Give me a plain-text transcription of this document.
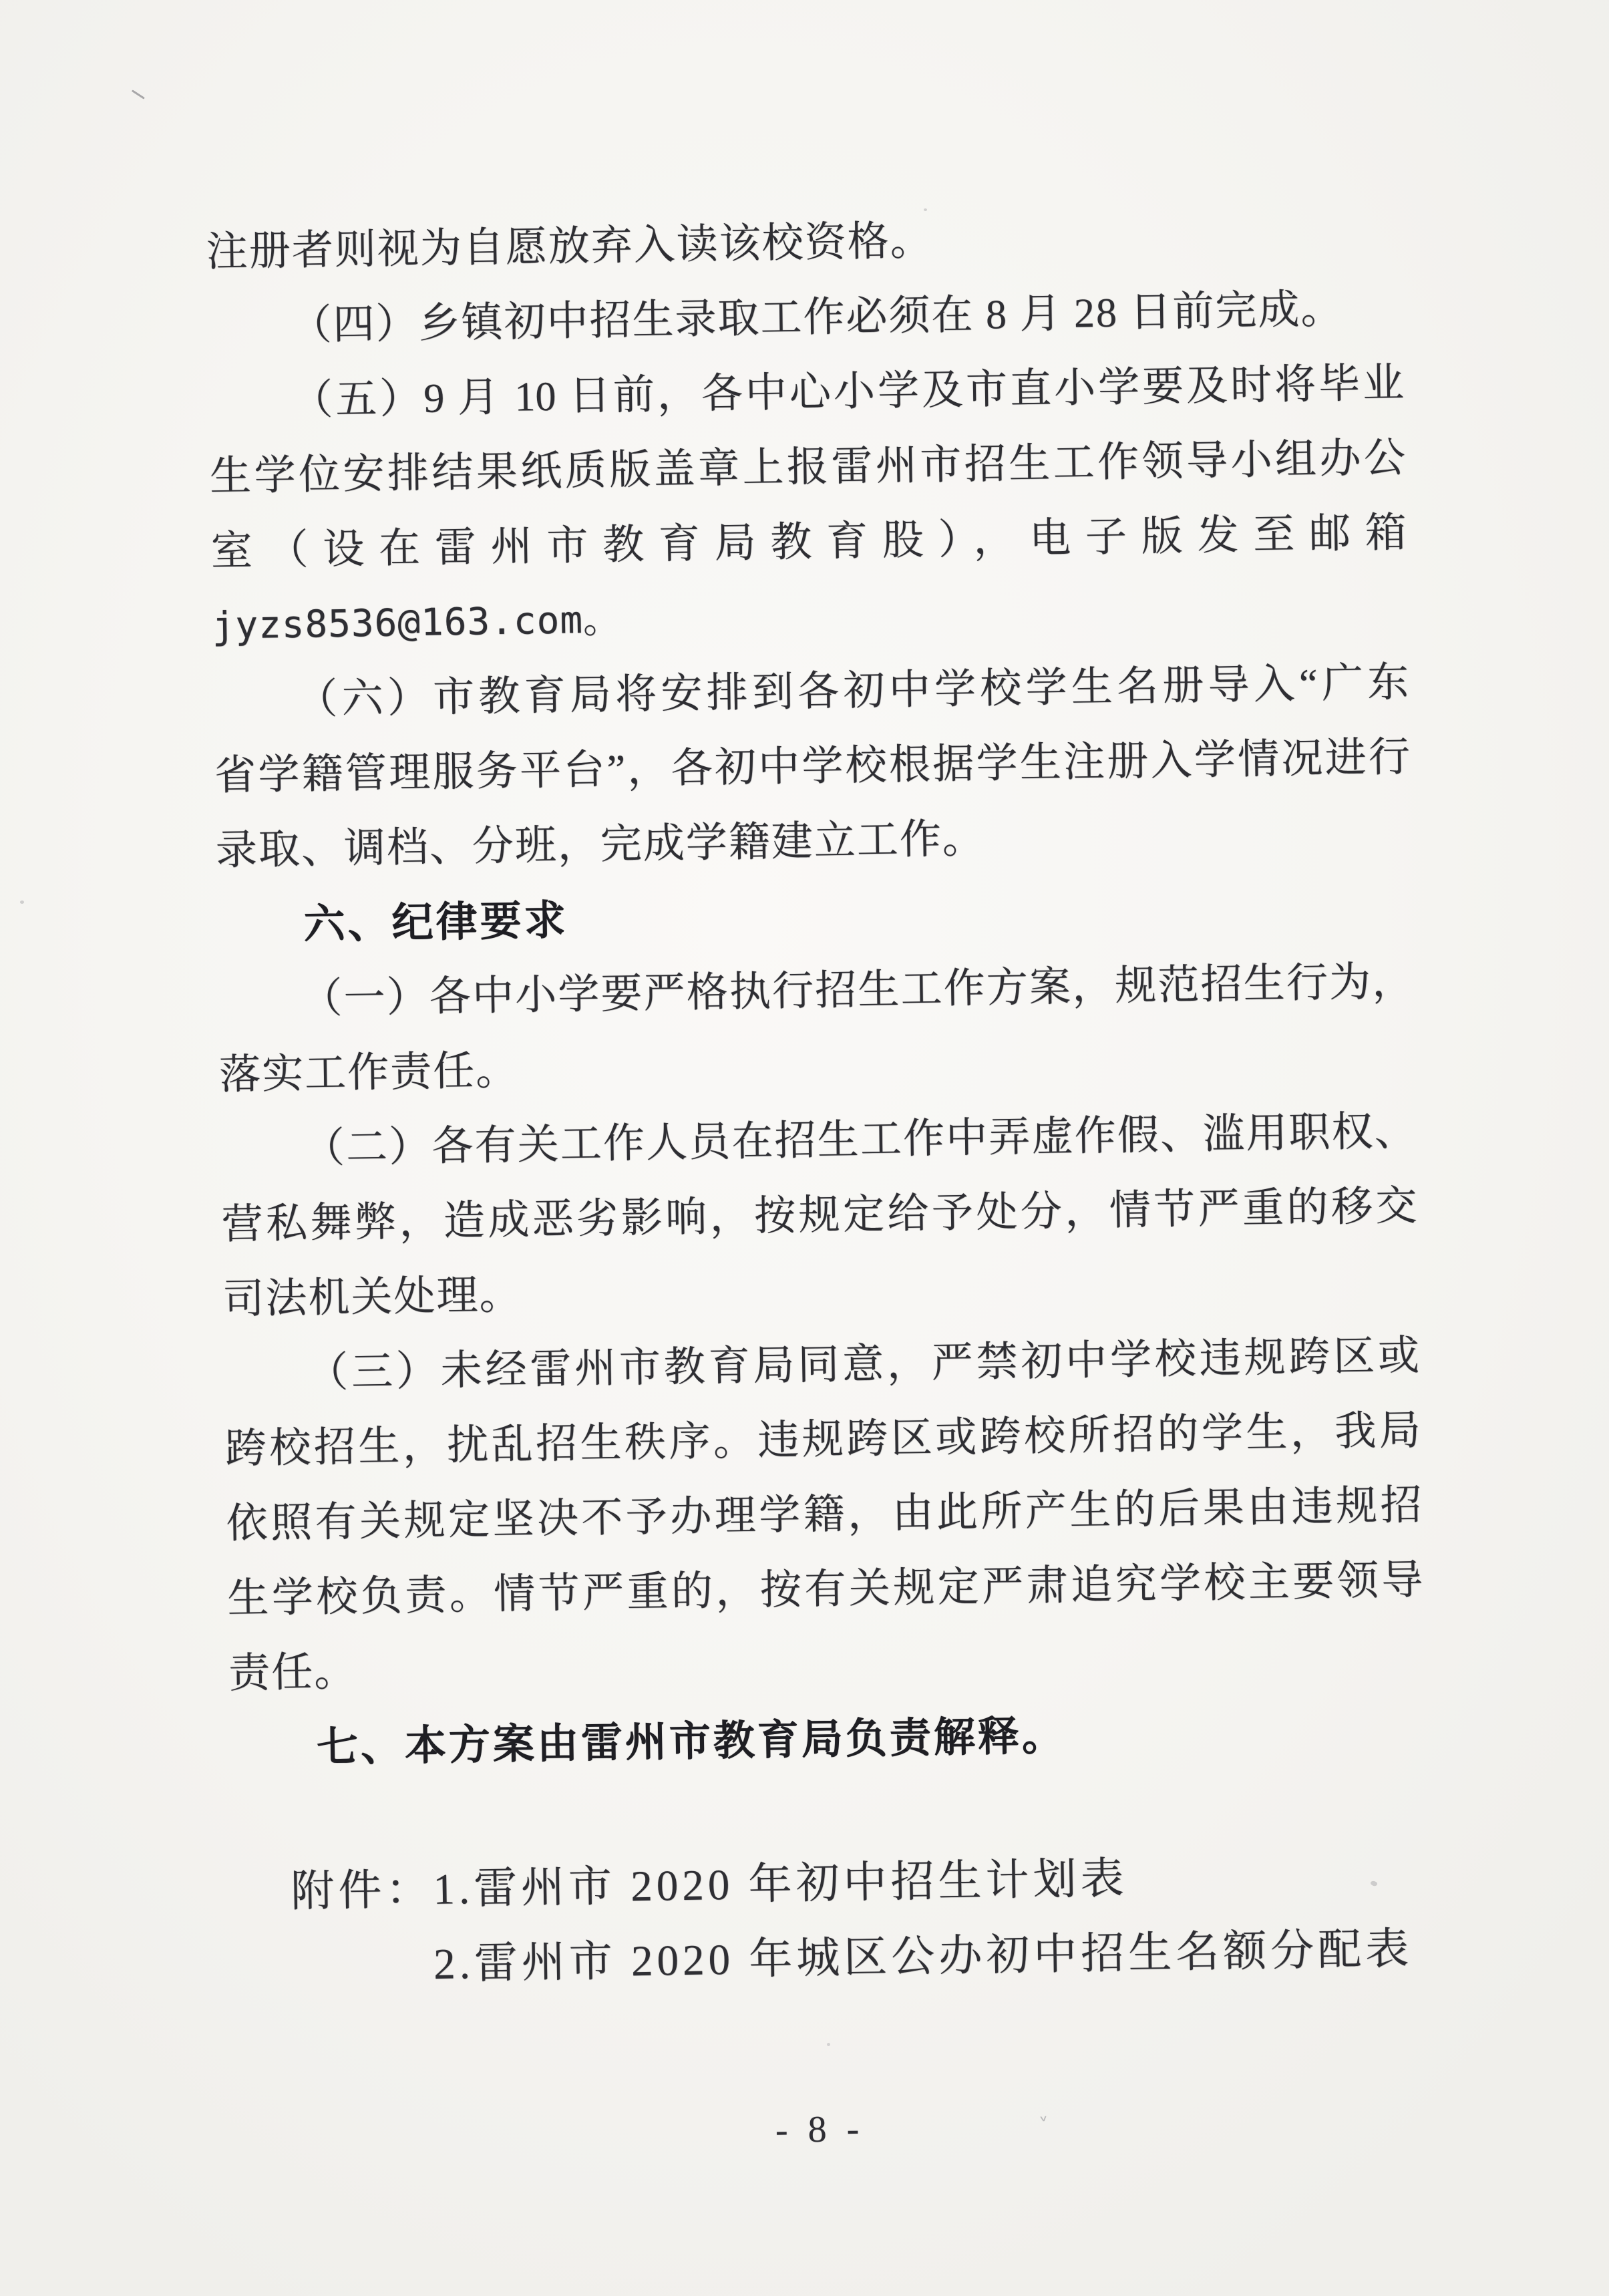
注册者则视为自愿放弃入读该校资格。
（四）乡镇初中招生录取工作必须在 8 月 28 日前完成。
（五）9 月 10 日前，各中心小学及市直小学要及时将毕业
生学位安排结果纸质版盖章上报雷州市招生工作领导小组办公
室（设在雷州市教育局教育股），电子版发至邮箱
jyzs8536@163.com。
（六）市教育局将安排到各初中学校学生名册导入“广东
省学籍管理服务平台”，各初中学校根据学生注册入学情况进行
录取、调档、分班，完成学籍建立工作。
六、纪律要求
（一）各中小学要严格执行招生工作方案，规范招生行为，
落实工作责任。
（二）各有关工作人员在招生工作中弄虚作假、滥用职权、
营私舞弊，造成恶劣影响，按规定给予处分，情节严重的移交
司法机关处理。
（三）未经雷州市教育局同意，严禁初中学校违规跨区或
跨校招生，扰乱招生秩序。违规跨区或跨校所招的学生，我局
依照有关规定坚决不予办理学籍，由此所产生的后果由违规招
生学校负责。情节严重的，按有关规定严肃追究学校主要领导
责任。
七、本方案由雷州市教育局负责解释。
附件：1.雷州市 2020 年初中招生计划表
2.雷州市 2020 年城区公办初中招生名额分配表
- 8 -	˅
